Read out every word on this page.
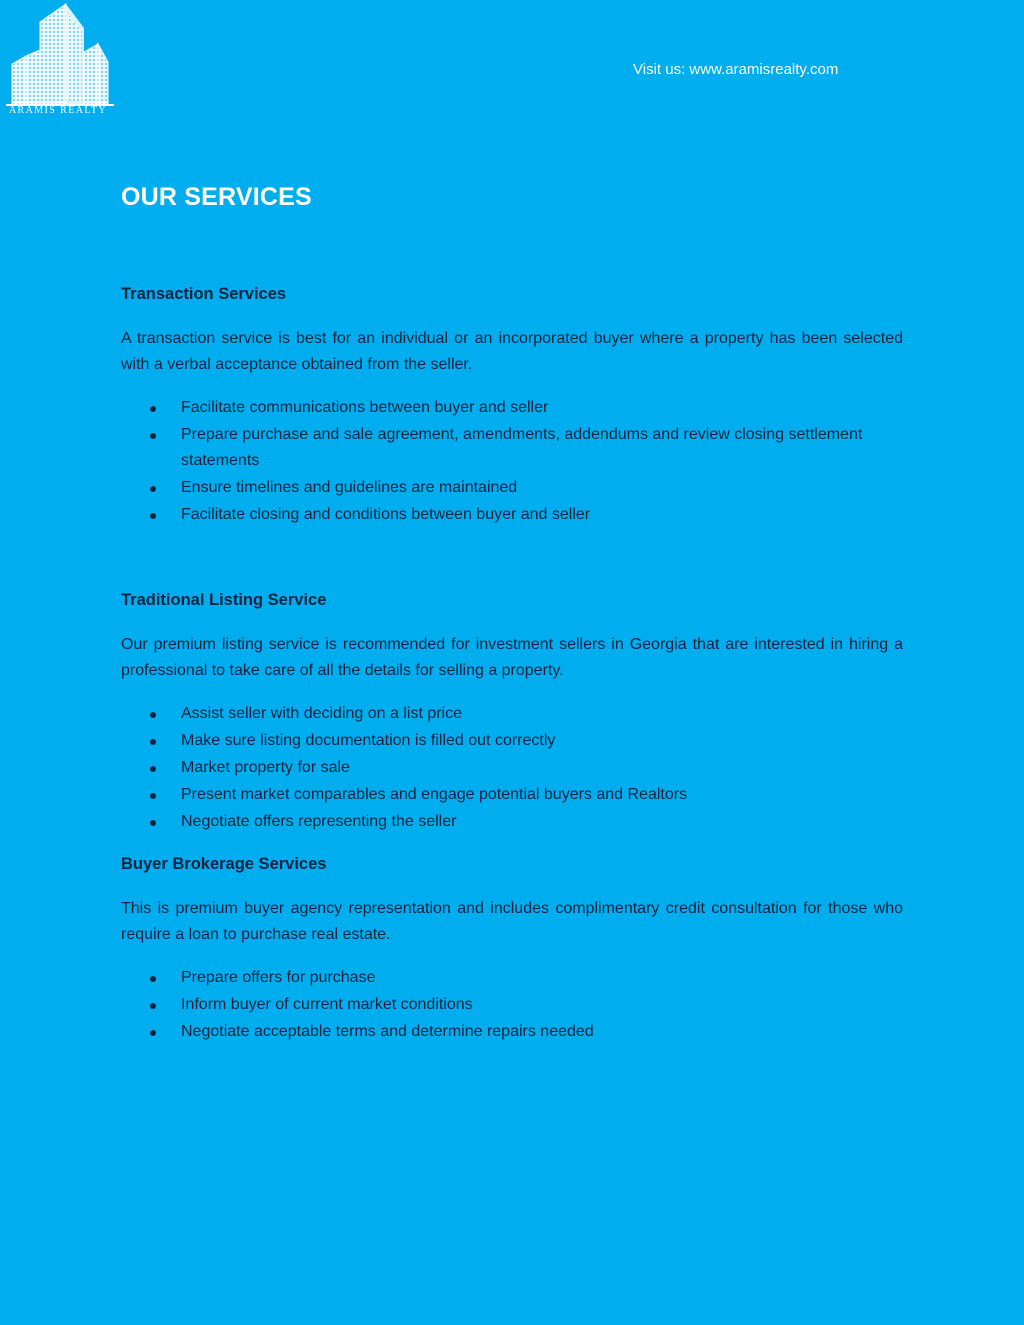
ARAMIS REALTY
Visit us: www.aramisrealty.com
OUR SERVICES
Transaction Services

A transaction service is best for an individual or an incorporated buyer where a property has been selected with a verbal acceptance obtained from the seller.

Facilitate communications between buyer and seller
Prepare purchase and sale agreement, amendments, addendums and review closing settlement statements
Ensure timelines and guidelines are maintained
Facilitate closing and conditions between buyer and seller
Traditional Listing Service

Our premium listing service is recommended for investment sellers in Georgia that are interested in hiring a professional to take care of all the details for selling a property.

Assist seller with deciding on a list price
Make sure listing documentation is filled out correctly
Market property for sale
Present market comparables and engage potential buyers and Realtors
Negotiate offers representing the seller
Buyer Brokerage Services

This is premium buyer agency representation and includes complimentary credit consultation for those who require a loan to purchase real estate.

Prepare offers for purchase
Inform buyer of current market conditions
Negotiate acceptable terms and determine repairs needed
